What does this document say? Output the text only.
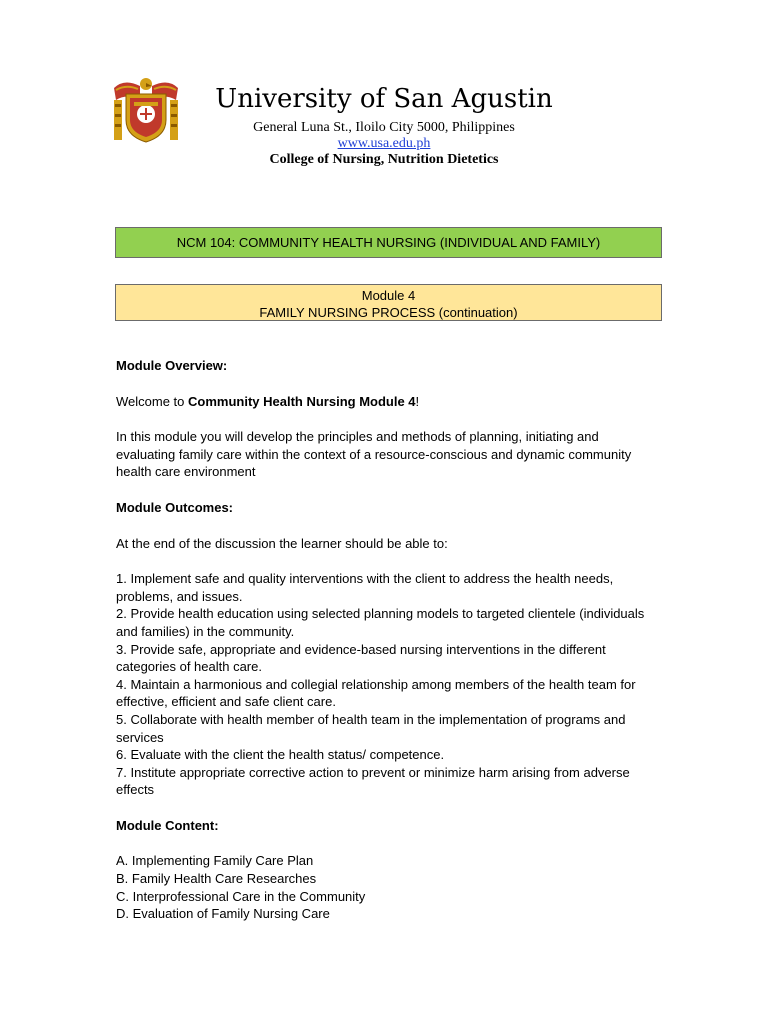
University of San Agustin
General Luna St., Iloilo City 5000, Philippines
www.usa.edu.ph
College of Nursing, Nutrition Dietetics
NCM 104: COMMUNITY HEALTH NURSING (INDIVIDUAL AND FAMILY)
Module 4
FAMILY NURSING PROCESS (continuation)

Module Overview:

Welcome to Community Health Nursing Module 4!

In this module you will develop the principles and methods of planning, initiating and evaluating family care within the context of a resource-conscious and dynamic community health care environment

Module Outcomes:

At the end of the discussion the learner should be able to:

1. Implement safe and quality interventions with the client to address the health needs, problems, and issues.
2. Provide health education using selected planning models to targeted clientele (individuals and families) in the community.
3. Provide safe, appropriate and evidence-based nursing interventions in the different categories of health care.
4. Maintain a harmonious and collegial relationship among members of the health team for effective, efficient and safe client care.
5. Collaborate with health member of health team in the implementation of programs and services
6. Evaluate with the client the health status/ competence.
7. Institute appropriate corrective action to prevent or minimize harm arising from adverse effects

Module Content:

A. Implementing Family Care Plan
B. Family Health Care Researches
C. Interprofessional Care in the Community
D. Evaluation of Family Nursing Care
